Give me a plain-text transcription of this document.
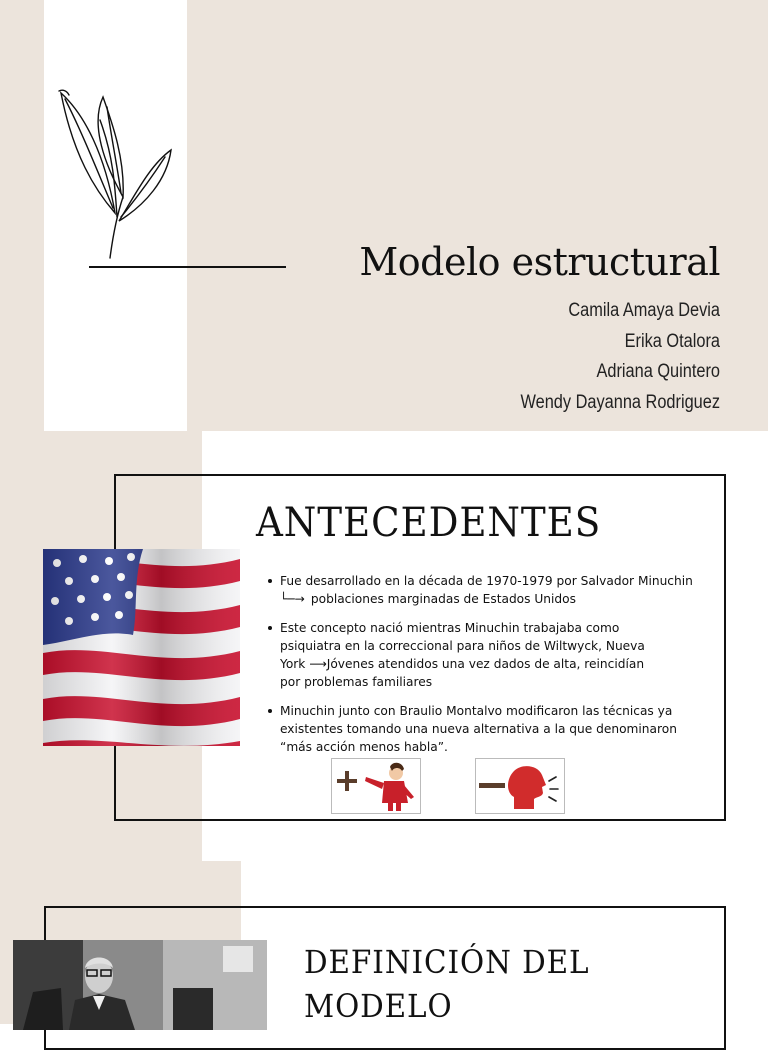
Modelo estructural
Camila Amaya Devia
Erika Otalora
Adriana Quintero
Wendy Dayanna Rodriguez
ANTECEDENTES
Fue desarrollado en la década de 1970-1979 por Salvador Minuchin
└─→ poblaciones marginadas de Estados Unidos
Este concepto nació mientras Minuchin trabajaba como psiquiatra en la correccional para niños de Wiltwyck, Nueva York ⟶Jóvenes atendidos una vez dados de alta, reincidían por problemas familiares
Minuchin junto con Braulio Montalvo modificaron las técnicas ya existentes tomando una nueva alternativa a la que denominaron “más acción menos habla”.
DEFINICIÓN DEL
MODELO
